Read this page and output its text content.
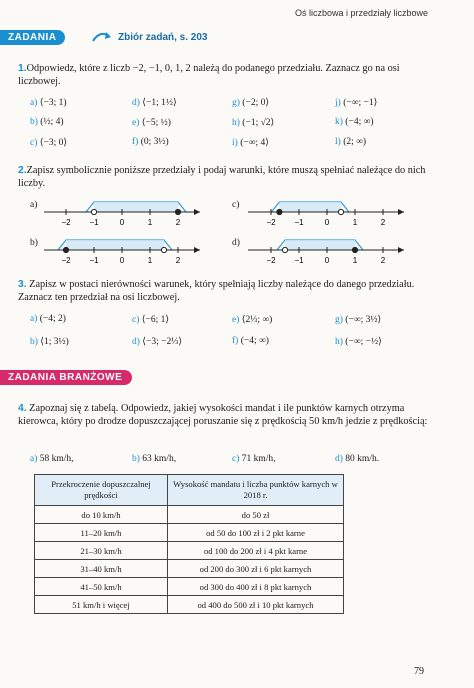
Oś liczbowa i przedziały liczbowe
ZADANIA	Zbiór zadań, s. 203
1.Odpowiedz, które z liczb −2, −1, 0, 1, 2 należą do podanego przedziału. Zaznacz go na osi liczbowej.
a) ⟨−3; 1)	d) ⟨−1; 1½⟩	g) (−2; 0⟩	j) (−∞; −1⟩
b) (½; 4)	e) ⟨−5; ½)	h) (−1; √2⟩	k) (−4; ∞)
c) ⟨−3; 0⟩	f) (0; 3½)	i) (−∞; 4⟩	l) (2; ∞)
2.Zapisz symbolicznie poniższe przedziały i podaj warunki, które muszą spełniać należące do nich liczby.
a)
b)
c)
d)
−2 −1	0	1	2
−2 −1	0	1	2
−2 −1	0	1	2
−2 −1	0	1	2
3. Zapisz w postaci nierówności warunek, który spełniają liczby należące do danego przedziału. Zaznacz ten przedział na osi liczbowej.
a) (−4; 2)	c) ⟨−6; 1⟩	e) ⟨2⅓; ∞)	g) (−∞; 3½⟩
b) ⟨1; 3½)	d) ⟨−3; −2⅓⟩	f) (−4; ∞)	h) (−∞; −½⟩
ZADANIA BRANŻOWE
4. Zapoznaj się z tabelą. Odpowiedz, jakiej wysokości mandat i ile punktów karnych otrzyma kierowca, który po drodze dopuszczającej poruszanie się z prędkością 50 km/h jedzie z prędkością:
a) 58 km/h,	b) 63 km/h,	c) 71 km/h,	d) 80 km/h.
Przekroczenie dopuszczalnej prędkości	Wysokość mandatu i liczba punktów karnych w 2018 r.
do 10 km/h	do 50 zł
11–20 km/h	od 50 do 100 zł i 2 pkt karne
21–30 km/h	od 100 do 200 zł i 4 pkt karne
31–40 km/h	od 200 do 300 zł i 6 pkt karnych
41–50 km/h	od 300 do 400 zł i 8 pkt karnych
51 km/h i więcej	od 400 do 500 zł i 10 pkt karnych
79
